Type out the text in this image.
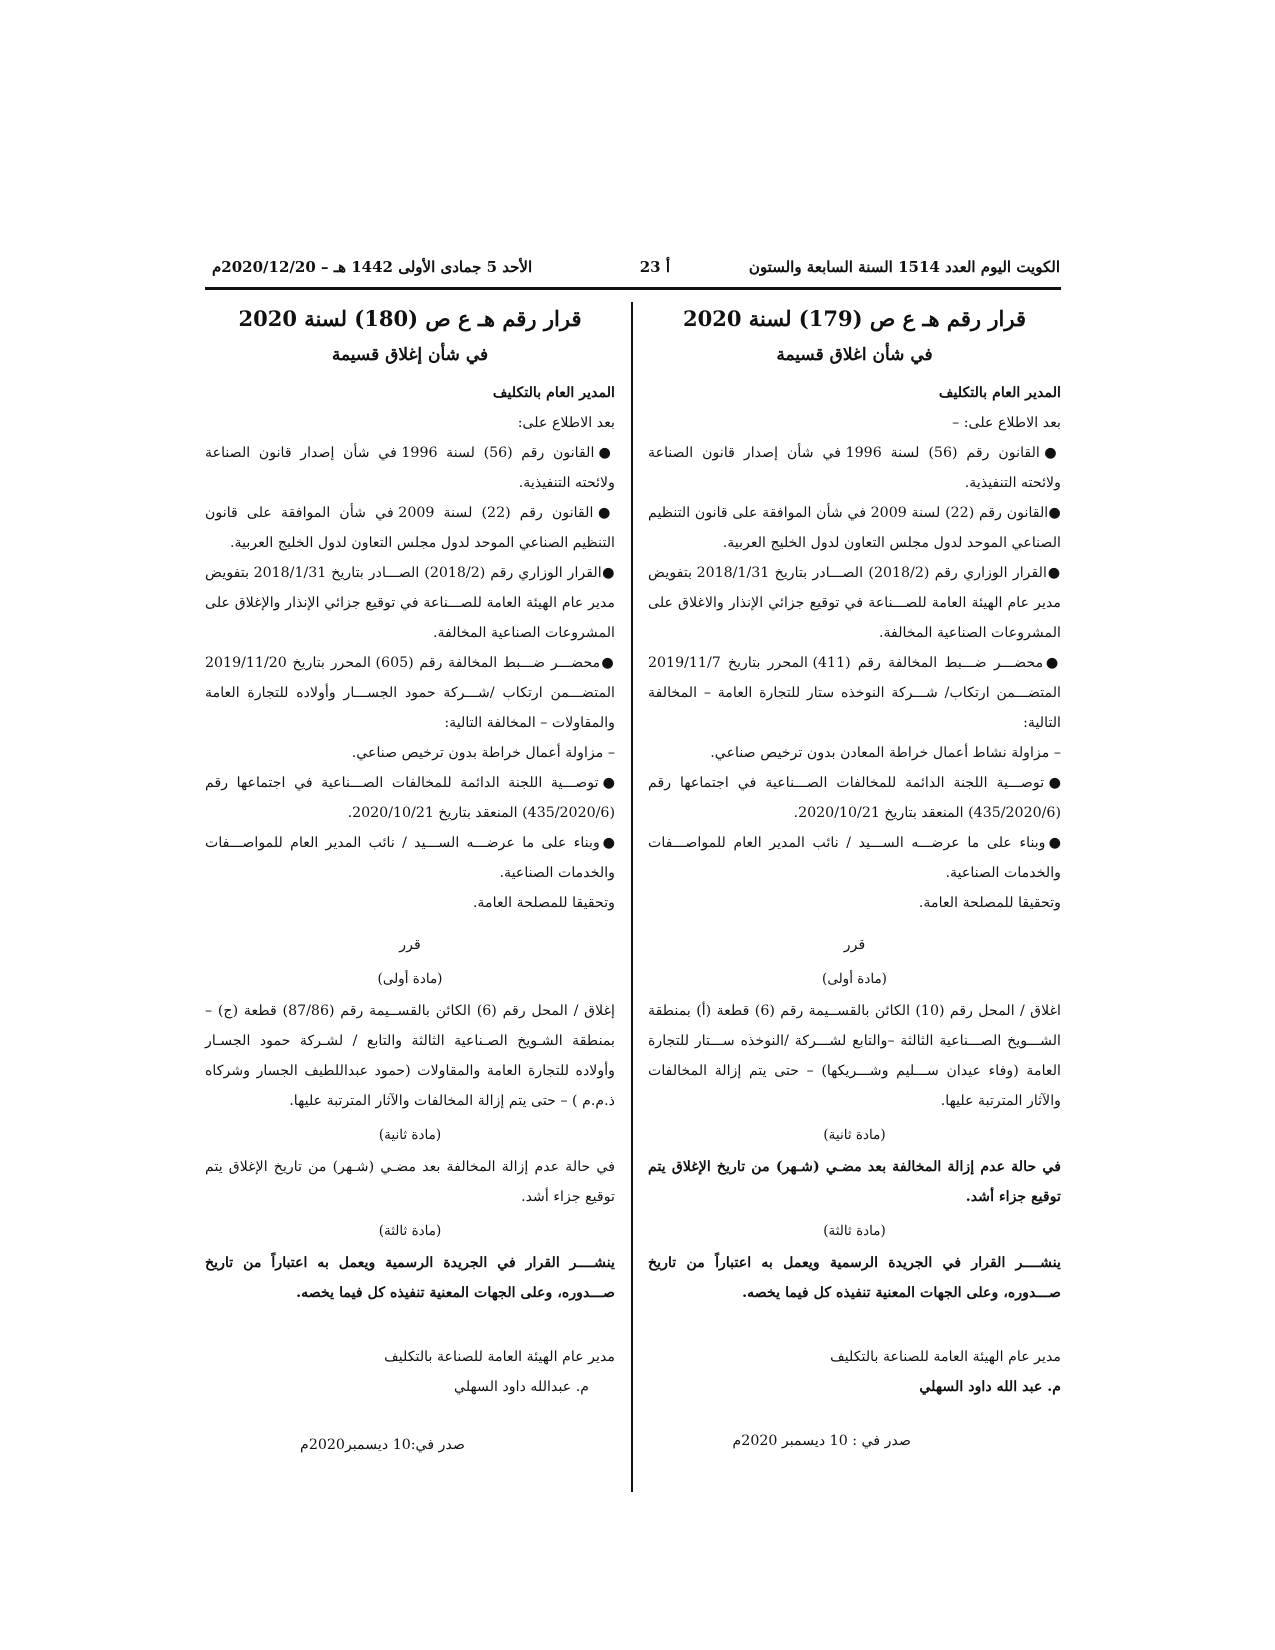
الكويت اليوم العدد 1514 السنة السابعة والستون
أ 23
الأحد 5 جمادى الأولى 1442 هـ – 2020/12/20م
قرار رقم هـ ع ص (179) لسنة 2020
في شأن اغلاق قسيمة

المدير العام بالتكليف

بعد الاطلاع على: –

●القانون رقم (56) لسنة 1996 في شأن إصدار قانون الصناعة ولائحته التنفيذية.

●القانون رقم (22) لسنة 2009 في شأن الموافقة على قانون التنظيم الصناعي الموحد لدول مجلس التعاون لدول الخليج العربية.

●القرار الوزاري رقم (2018/2) الصـــادر بتاريخ 2018/1/31 بتفويض مدير عام الهيئة العامة للصـــناعة في توقيع جزائي الإنذار والاغلاق على المشروعات الصناعية المخالفة.

●محضـــر ضـــبط المخالفة رقم (411) المحرر بتاريخ 2019/11/7 المتضـــمن ارتكاب/ شـــركة النوخذه ستار للتجارة العامة – المخالفة التالية:

– مزاولة نشاط أعمال خراطة المعادن بدون ترخيص صناعي.

●توصـــية اللجنة الدائمة للمخالفات الصـــناعية في اجتماعها رقم (435/2020/6) المنعقد بتاريخ 2020/10/21.

●وبناء على ما عرضـــه الســـيد / نائب المدير العام للمواصـــفات والخدمات الصناعية.

وتحقيقا للمصلحة العامة.

قرر

(مادة أولى)

اغلاق / المحل رقم (10) الكائن بالقســيمة رقم (6) قطعة (أ) بمنطقة الشـــويخ الصـــناعية الثالثة –والتابع لشـــركة /النوخذه ســـتار للتجارة العامة (وفاء عيدان ســـليم وشـــريكها) – حتى يتم إزالة المخالفات والآثار المترتبة عليها.

(مادة ثانية)

في حالة عدم إزالة المخالفة بعد مضـي (شـهر) من تاريخ الإغلاق يتم توقيع جزاء أشد.

(مادة ثالثة)

ينشــــر القرار في الجريدة الرسمية ويعمل به اعتباراً من تاريخ صـــدوره، وعلى الجهات المعنية تنفيذه كل فيما يخصه.

مدير عام الهيئة العامة للصناعة بالتكليف

م. عبد الله داود السهلي

صدر في : 10 ديسمبر 2020م

قرار رقم هـ ع ص (180) لسنة 2020
في شأن إغلاق قسيمة

المدير العام بالتكليف

بعد الاطلاع على:

●القانون رقم (56) لسنة 1996 في شأن إصدار قانون الصناعة ولائحته التنفيذية.

●القانون رقم (22) لسنة 2009 في شأن الموافقة على قانون التنظيم الصناعي الموحد لدول مجلس التعاون لدول الخليج العربية.

●القرار الوزاري رقم (2018/2) الصـــادر بتاريخ 2018/1/31 بتفويض مدير عام الهيئة العامة للصـــناعة في توقيع جزائي الإنذار والإغلاق على المشروعات الصناعية المخالفة.

●محضـــر ضـــبط المخالفة رقم (605) المحرر بتاريخ 2019/11/20 المتضـــمن ارتكاب /شـــركة حمود الجســـار وأولاده للتجارة العامة والمقاولات – المخالفة التالية:

– مزاولة أعمال خراطة بدون ترخيص صناعي.

●توصـــية اللجنة الدائمة للمخالفات الصـــناعية في اجتماعها رقم (435/2020/6) المنعقد بتاريخ 2020/10/21.

●وبناء على ما عرضـــه الســـيد / نائب المدير العام للمواصـــفات والخدمات الصناعية.

وتحقيقا للمصلحة العامة.

قرر

(مادة أولى)

إغلاق / المحل رقم (6) الكائن بالقســيمة رقم (87/86) قطعة (ج) – بمنطقة الشـويخ الصـناعية الثالثة والتابع / لشـركة حمود الجسـار وأولاده للتجارة العامة والمقاولات (حمود عبداللطيف الجسار وشركاه ذ.م.م ) – حتى يتم إزالة المخالفات والآثار المترتبة عليها.

(مادة ثانية)

في حالة عدم إزالة المخالفة بعد مضـي (شـهر) من تاريخ الإغلاق يتم توقيع جزاء أشد.

(مادة ثالثة)

ينشــــر القرار في الجريدة الرسمية ويعمل به اعتباراً من تاريخ صـــدوره، وعلى الجهات المعنية تنفيذه كل فيما يخصه.

مدير عام الهيئة العامة للصناعة بالتكليف

م. عبدالله داود السهلي

صدر في:10 ديسمبر2020م
